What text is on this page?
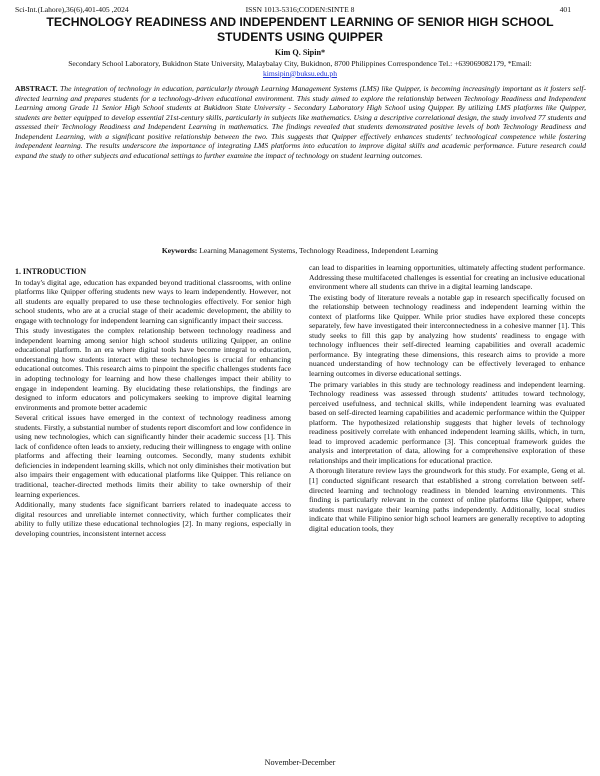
Sci-Int.(Lahore),36(6),401-405 ,2024	ISSN 1013-5316;CODEN:SINTE 8	401
TECHNOLOGY READINESS AND INDEPENDENT LEARNING OF SENIOR HIGH SCHOOL STUDENTS USING QUIPPER
Kim Q. Sipin*
Secondary School Laboratory, Bukidnon State University, Malaybalay City, Bukidnon, 8700 Philippines Correspondence Tel.: +639069082179, *Email: kimsipin@buksu.edu.ph
ABSTRACT. The integration of technology in education, particularly through Learning Management Systems (LMS) like Quipper, is becoming increasingly important as it fosters self-directed learning and prepares students for a technology-driven educational environment. This study aimed to explore the relationship between Technology Readiness and Independent Learning among Grade 11 Senior High School students at Bukidnon State University - Secondary Laboratory High School using Quipper. By utilizing LMS platforms like Quipper, students are better equipped to develop essential 21st-century skills, particularly in subjects like mathematics. Using a descriptive correlational design, the study involved 77 students and assessed their Technology Readiness and Independent Learning in mathematics. The findings revealed that students demonstrated positive levels of both Technology Readiness and Independent Learning, with a significant positive relationship between the two. This suggests that Quipper effectively enhances students' technological competence while fostering independent learning. The results underscore the importance of integrating LMS platforms into education to improve digital skills and academic performance. Future research could expand the study to other subjects and educational settings to further examine the impact of technology on student learning outcomes.
Keywords: Learning Management Systems, Technology Readiness, Independent Learning
1. INTRODUCTION

In today's digital age, education has expanded beyond traditional classrooms, with online platforms like Quipper offering students new ways to learn independently. However, not all students are equally prepared to use these technologies effectively. For senior high school students, who are at a crucial stage of their academic development, the ability to engage with technology for independent learning can significantly impact their success.

This study investigates the complex relationship between technology readiness and independent learning among senior high school students utilizing Quipper, an online educational platform. In an era where digital tools have become integral to education, understanding how students interact with these technologies is crucial for enhancing educational outcomes. This research aims to pinpoint the specific challenges students face in adopting technology for learning and how these challenges impact their ability to engage in independent learning. By elucidating these relationships, the findings are designed to inform educators and policymakers seeking to improve digital learning environments and promote better academic

Several critical issues have emerged in the context of technology readiness among students. Firstly, a substantial number of students report discomfort and low confidence in using new technologies, which can significantly hinder their academic success [1]. This lack of confidence often leads to anxiety, reducing their willingness to engage with online platforms and affecting their learning outcomes. Secondly, many students exhibit deficiencies in independent learning skills, which not only diminishes their motivation but also impairs their engagement with educational platforms like Quipper. This reliance on traditional, teacher-directed methods limits their ability to take ownership of their learning experiences.

Additionally, many students face significant barriers related to inadequate access to digital resources and unreliable internet connectivity, which further complicates their ability to fully utilize these educational technologies [2]. In many regions, especially in developing countries, inconsistent internet access

can lead to disparities in learning opportunities, ultimately affecting student performance. Addressing these multifaceted challenges is essential for creating an inclusive educational environment where all students can thrive in a digital learning landscape.

The existing body of literature reveals a notable gap in research specifically focused on the relationship between technology readiness and independent learning within the context of platforms like Quipper. While prior studies have explored these concepts separately, few have investigated their interconnectedness in a cohesive manner [1]. This study seeks to fill this gap by analyzing how students' readiness to engage with technology influences their self-directed learning capabilities and overall academic performance. By integrating these dimensions, this research aims to provide a more nuanced understanding of how technology can be effectively leveraged to enhance learning outcomes in diverse educational settings.

The primary variables in this study are technology readiness and independent learning. Technology readiness was assessed through students' attitudes toward technology, perceived usefulness, and technical skills, while independent learning was evaluated based on self-directed learning capabilities and academic performance within the Quipper platform. The hypothesized relationship suggests that higher levels of technology readiness positively correlate with enhanced independent learning skills, which, in turn, lead to improved academic performance [3]. This conceptual framework guides the analysis and interpretation of data, allowing for a comprehensive exploration of these relationships and their implications for educational practice.

A thorough literature review lays the groundwork for this study. For example, Geng et al. [1] conducted significant research that established a strong correlation between self-directed learning and technology readiness in blended learning environments. This finding is particularly relevant in the context of online platforms like Quipper, where students must navigate their learning paths independently. Additionally, local studies indicate that while Filipino senior high school learners are generally receptive to adopting digital education tools, they

November-December
